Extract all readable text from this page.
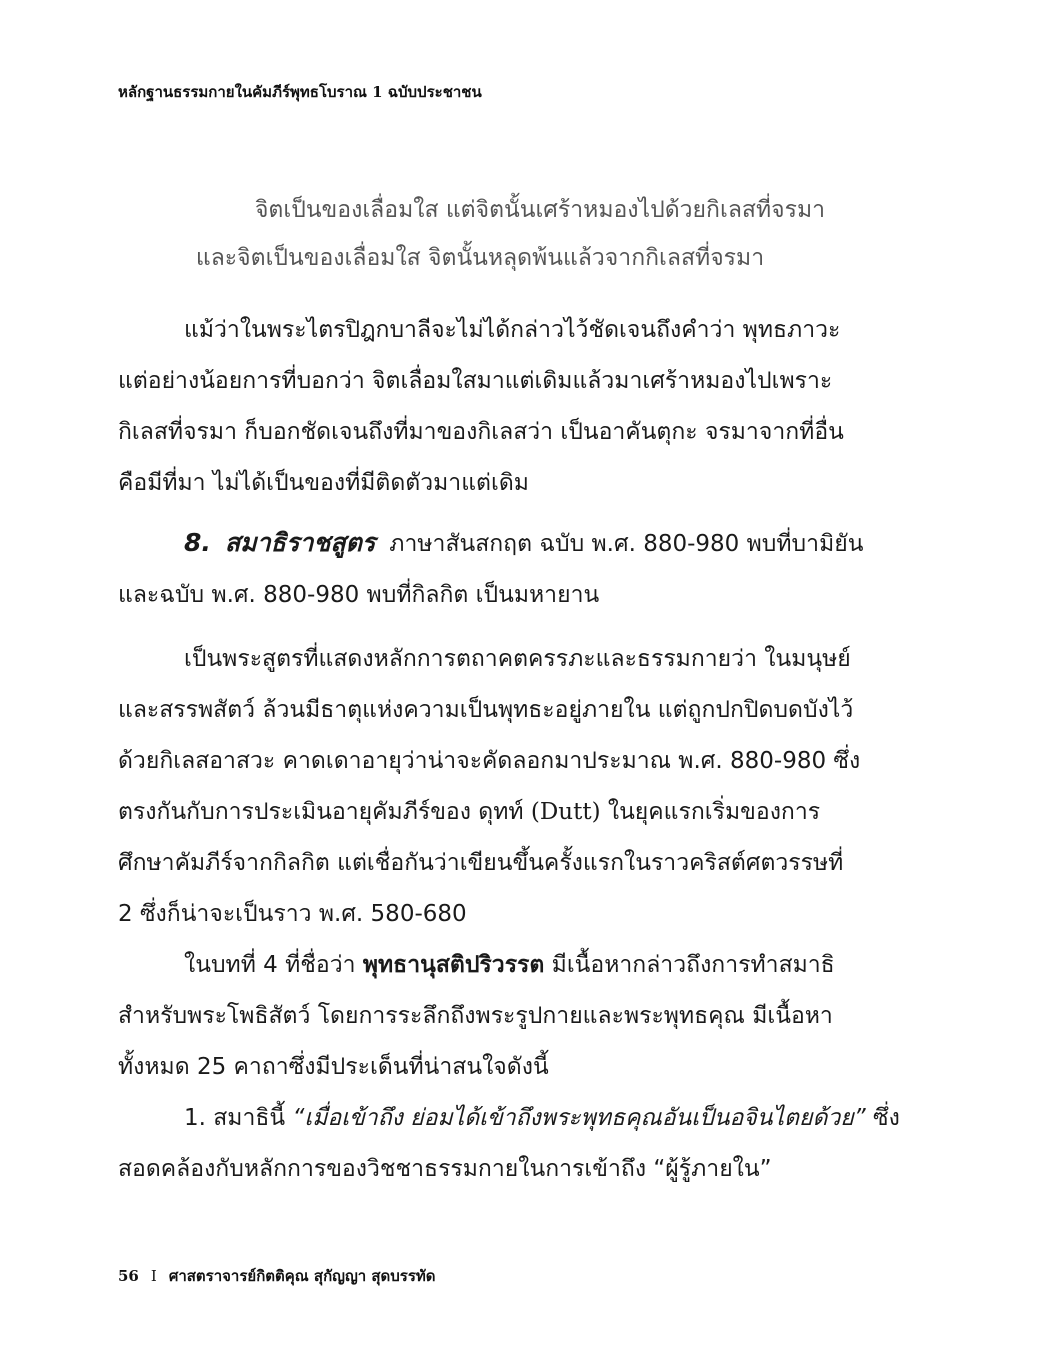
หลักฐานธรรมกายในคัมภีร์พุทธโบราณ 1 ฉบับประชาชน
จิตเป็นของเลื่อมใส แต่จิตนั้นเศร้าหมองไปด้วยกิเลสที่จรมา
และจิตเป็นของเลื่อมใส จิตนั้นหลุดพ้นแล้วจากกิเลสที่จรมา
แม้ว่าในพระไตรปิฎกบาลีจะไม่ได้กล่าวไว้ชัดเจนถึงคำว่า พุทธภาวะ
แต่อย่างน้อยการที่บอกว่า จิตเลื่อมใสมาแต่เดิมแล้วมาเศร้าหมองไปเพราะ
กิเลสที่จรมา ก็บอกชัดเจนถึงที่มาของกิเลสว่า เป็นอาคันตุกะ จรมาจากที่อื่น
คือมีที่มา ไม่ได้เป็นของที่มีติดตัวมาแต่เดิม
8. สมาธิราชสูตร ภาษาสันสกฤต ฉบับ พ.ศ. 880-980 พบที่บามิยัน
และฉบับ พ.ศ. 880-980 พบที่กิลกิต เป็นมหายาน
เป็นพระสูตรที่แสดงหลักการตถาคตครรภะและธรรมกายว่า ในมนุษย์
และสรรพสัตว์ ล้วนมีธาตุแห่งความเป็นพุทธะอยู่ภายใน แต่ถูกปกปิดบดบังไว้
ด้วยกิเลสอาสวะ คาดเดาอายุว่าน่าจะคัดลอกมาประมาณ พ.ศ. 880-980 ซึ่ง
ตรงกันกับการประเมินอายุคัมภีร์ของ ดุทท์ (Dutt) ในยุคแรกเริ่มของการ
ศึกษาคัมภีร์จากกิลกิต แต่เชื่อกันว่าเขียนขึ้นครั้งแรกในราวคริสต์ศตวรรษที่
2 ซึ่งก็น่าจะเป็นราว พ.ศ. 580-680
ในบทที่ 4 ที่ชื่อว่า พุทธานุสติปริวรรต มีเนื้อหากล่าวถึงการทำสมาธิ
สำหรับพระโพธิสัตว์ โดยการระลึกถึงพระรูปกายและพระพุทธคุณ มีเนื้อหา
ทั้งหมด 25 คาถาซึ่งมีประเด็นที่น่าสนใจดังนี้
1. สมาธินี้ “เมื่อเข้าถึง ย่อมได้เข้าถึงพระพุทธคุณอันเป็นอจินไตยด้วย” ซึ่ง
สอดคล้องกับหลักการของวิชชาธรรมกายในการเข้าถึง “ผู้รู้ภายใน”
56 I ศาสตราจารย์กิตติคุณ สุกัญญา สุดบรรทัด
